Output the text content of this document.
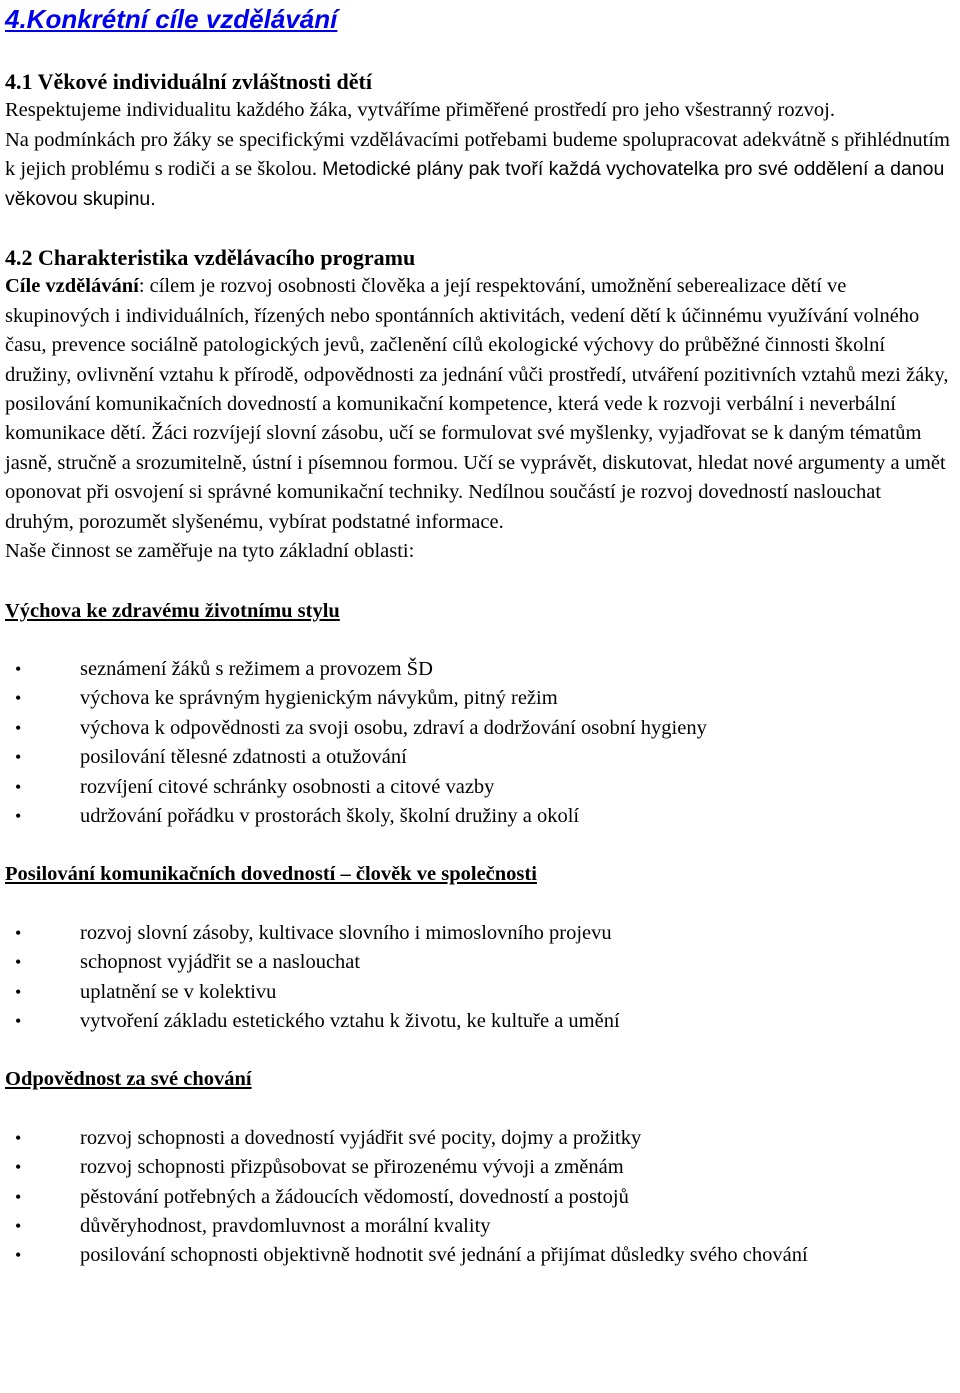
4.Konkrétní cíle vzdělávání
4.1 Věkové individuální zvláštnosti dětí

Respektujeme individualitu každého žáka, vytváříme přiměřené prostředí pro jeho všestranný rozvoj.

Na podmínkách pro žáky se specifickými vzdělávacími potřebami budeme spolupracovat adekvátně s přihlédnutím k jejich problému s rodiči a se školou. Metodické plány pak tvoří každá vychovatelka pro své oddělení a danou věkovou skupinu.

4.2 Charakteristika vzdělávacího programu

Cíle vzdělávání: cílem je rozvoj osobnosti člověka a její respektování, umožnění seberealizace dětí ve skupinových i individuálních, řízených nebo spontánních aktivitách, vedení dětí k účinnému využívání volného času, prevence sociálně patologických jevů, začlenění cílů ekologické výchovy do průběžné činnosti školní družiny, ovlivnění vztahu k přírodě, odpovědnosti za jednání vůči prostředí, utváření pozitivních vztahů mezi žáky, posilování komunikačních dovedností a komunikační kompetence, která vede k rozvoji verbální i neverbální komunikace dětí. Žáci rozvíjejí slovní zásobu, učí se formulovat své myšlenky, vyjadřovat se k daným tématům jasně, stručně a srozumitelně, ústní i písemnou formou. Učí se vyprávět, diskutovat, hledat nové argumenty a umět oponovat při osvojení si správné komunikační techniky. Nedílnou součástí je rozvoj dovedností naslouchat druhým, porozumět slyšenému, vybírat podstatné informace.

Naše činnost se zaměřuje na tyto základní oblasti:

Výchova ke zdravému životnímu stylu
• seznámení žáků s režimem a provozem ŠD
• výchova ke správným hygienickým návykům, pitný režim
• výchova k odpovědnosti za svoji osobu, zdraví a dodržování osobní hygieny
• posilování tělesné zdatnosti a otužování
• rozvíjení citové schránky osobnosti a citové vazby
• udržování pořádku v prostorách školy, školní družiny a okolí
Posilování komunikačních dovedností – člověk ve společnosti
• rozvoj slovní zásoby, kultivace slovního i mimoslovního projevu
• schopnost vyjádřit se a naslouchat
• uplatnění se v kolektivu
• vytvoření základu estetického vztahu k životu, ke kultuře a umění
Odpovědnost za své chování
• rozvoj schopnosti a dovedností vyjádřit své pocity, dojmy a prožitky
• rozvoj schopnosti přizpůsobovat se přirozenému vývoji a změnám
• pěstování potřebných a žádoucích vědomostí, dovedností a postojů
• důvěryhodnost, pravdomluvnost a morální kvality
• posilování schopnosti objektivně hodnotit své jednání a přijímat důsledky svého chování
